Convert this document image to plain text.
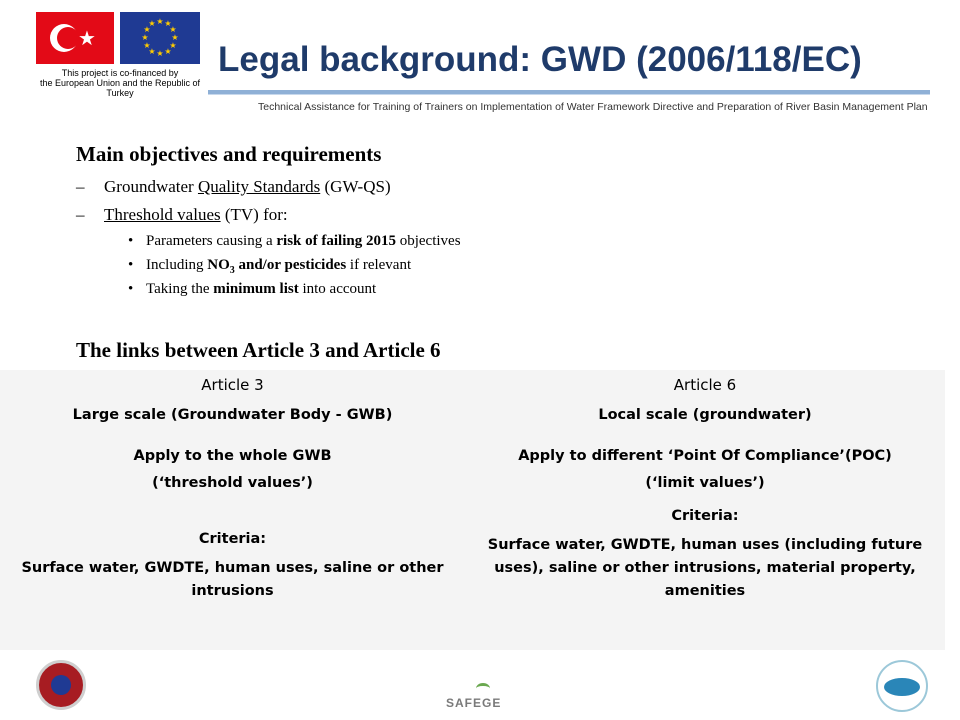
★
★ ★
★
★
★
★
★
★
★
★
★
★
This project is co-financed by
the European Union and the Republic of Turkey
Legal background: GWD (2006/118/EC)
Technical Assistance for Training of Trainers on Implementation of Water Framework Directive and Preparation of River Basin Management Plan
Main objectives and requirements
– Groundwater Quality Standards (GW-QS)
– Threshold values (TV) for:
• Parameters causing a risk of failing 2015 objectives
• Including $NO_3$ and/or pesticides if relevant
• Taking the minimum list into account
The links between Article 3 and Article 6
Article 3

Large scale (Groundwater Body - GWB)

Apply to the whole GWB

(‘threshold values’)

Criteria:

Surface water, GWDTE, human uses, saline or other intrusions

Article 6

Local scale (groundwater)

Apply to different ‘Point Of Compliance’(POC)

(‘limit values’)

Criteria:

Surface water, GWDTE, human uses (including future uses), saline or other intrusions, material property, amenities

SAFEGE
